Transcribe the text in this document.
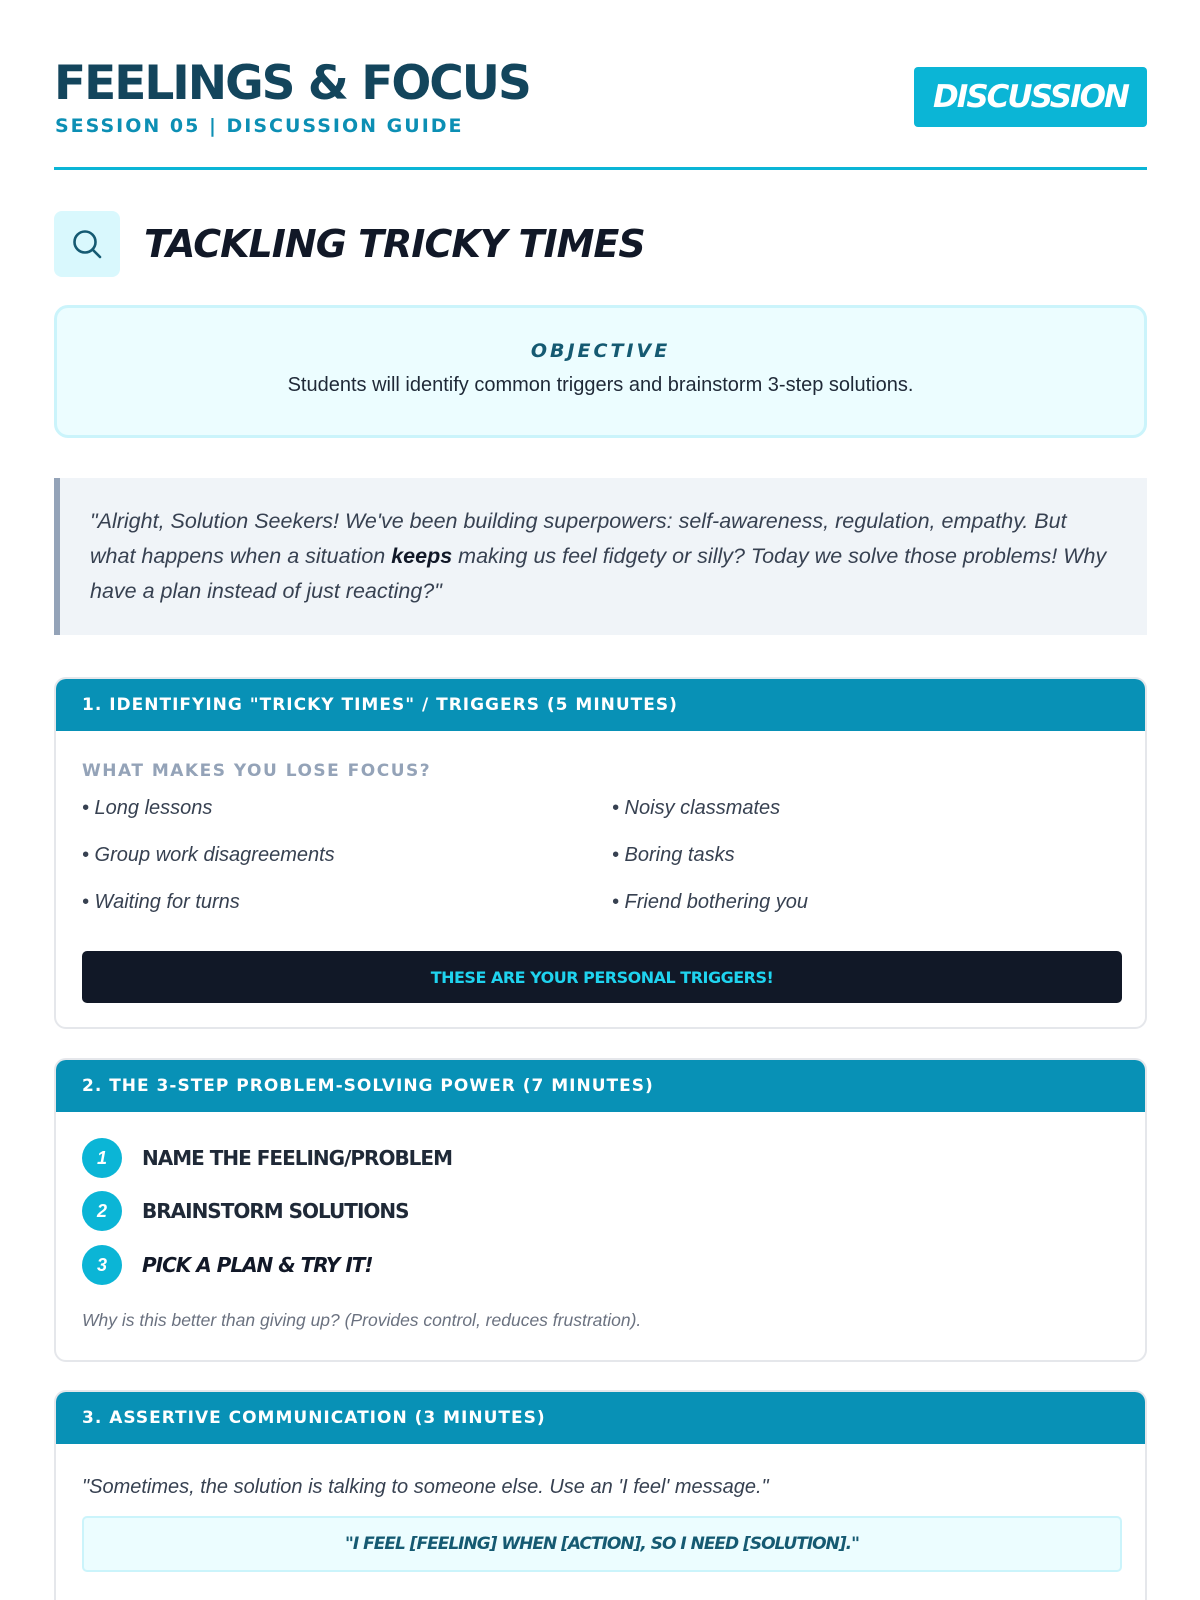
FEELINGS & FOCUS
SESSION 05 | DISCUSSION GUIDE
DISCUSSION
TACKLING TRICKY TIMES
OBJECTIVE
Students will identify common triggers and brainstorm 3-step solutions.
"Alright, Solution Seekers! We've been building superpowers: self-awareness, regulation, empathy. But what happens when a situation keeps making us feel fidgety or silly? Today we solve those problems! Why have a plan instead of just reacting?"
1. IDENTIFYING "TRICKY TIMES" / TRIGGERS (5 MINUTES)
WHAT MAKES YOU LOSE FOCUS?
• Long lessons	• Noisy classmates
• Group work disagreements	• Boring tasks
• Waiting for turns	• Friend bothering you
THESE ARE YOUR PERSONAL TRIGGERS!
2. THE 3-STEP PROBLEM-SOLVING POWER (7 MINUTES)
1	NAME THE FEELING/PROBLEM
2	BRAINSTORM SOLUTIONS
3	PICK A PLAN & TRY IT!
Why is this better than giving up? (Provides control, reduces frustration).
3. ASSERTIVE COMMUNICATION (3 MINUTES)
"Sometimes, the solution is talking to someone else. Use an 'I feel' message."
"I FEEL [FEELING] WHEN [ACTION], SO I NEED [SOLUTION]."
